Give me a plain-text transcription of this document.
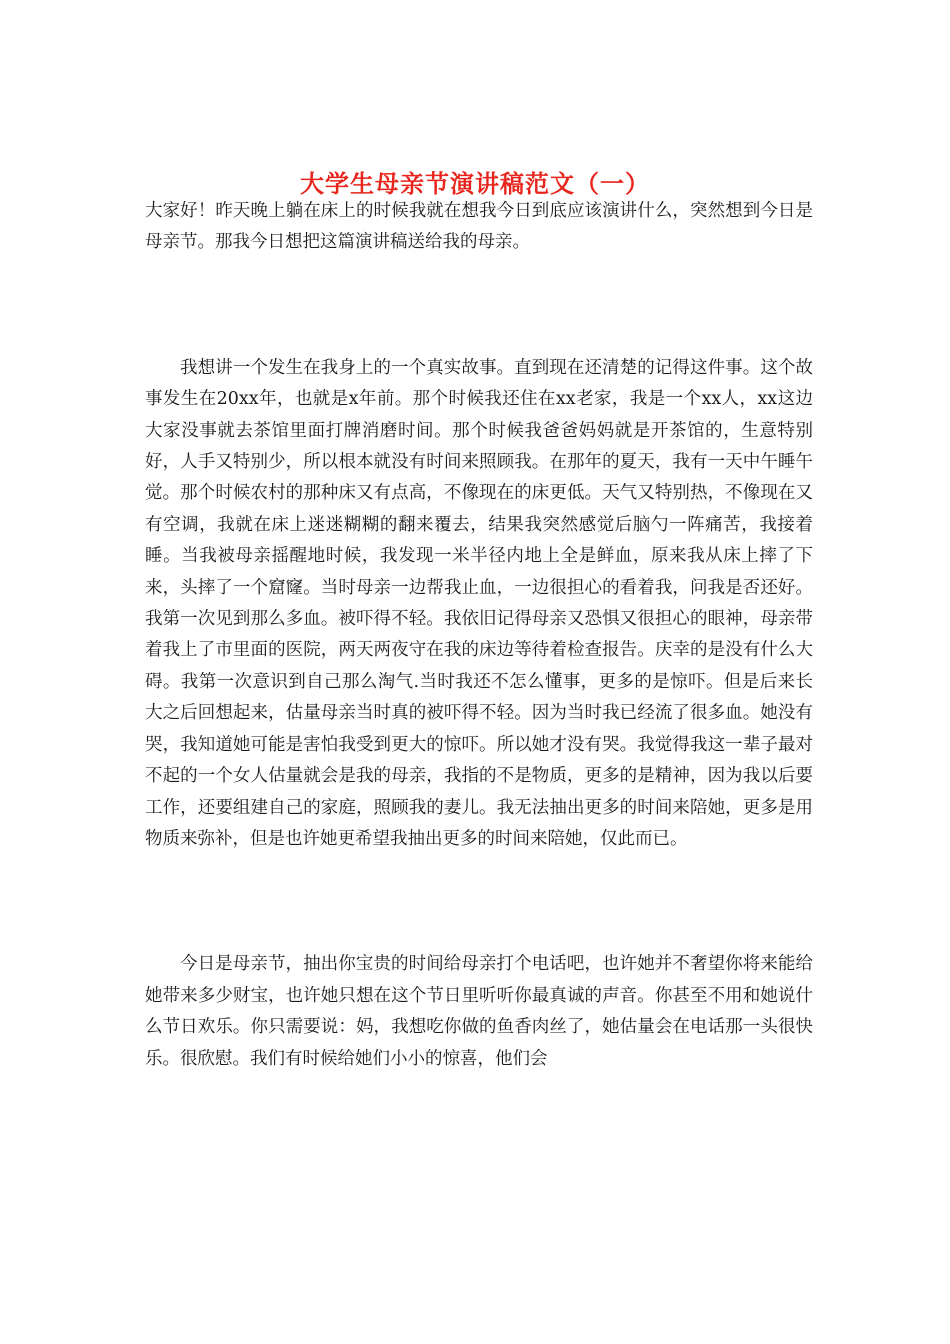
大学生母亲节演讲稿范文（一）

大家好！昨天晚上躺在床上的时候我就在想我今日到底应该演讲什么，突然想到今日是母亲节。那我今日想把这篇演讲稿送给我的母亲。

我想讲一个发生在我身上的一个真实故事。直到现在还清楚的记得这件事。这个故事发生在20xx年，也就是x年前。那个时候我还住在xx老家，我是一个xx人，xx这边大家没事就去茶馆里面打牌消磨时间。那个时候我爸爸妈妈就是开茶馆的，生意特别好，人手又特别少，所以根本就没有时间来照顾我。在那年的夏天，我有一天中午睡午觉。那个时候农村的那种床又有点高，不像现在的床更低。天气又特别热，不像现在又有空调，我就在床上迷迷糊糊的翻来覆去，结果我突然感觉后脑勺一阵痛苦，我接着睡。当我被母亲摇醒地时候，我发现一米半径内地上全是鲜血，原来我从床上摔了下来，头摔了一个窟窿。当时母亲一边帮我止血，一边很担心的看着我，问我是否还好。我第一次见到那么多血。被吓得不轻。我依旧记得母亲又恐惧又很担心的眼神，母亲带着我上了市里面的医院，两天两夜守在我的床边等待着检查报告。庆幸的是没有什么大碍。我第一次意识到自己那么淘气.当时我还不怎么懂事，更多的是惊吓。但是后来长大之后回想起来，估量母亲当时真的被吓得不轻。因为当时我已经流了很多血。她没有哭，我知道她可能是害怕我受到更大的惊吓。所以她才没有哭。我觉得我这一辈子最对不起的一个女人估量就会是我的母亲，我指的不是物质，更多的是精神，因为我以后要工作，还要组建自己的家庭，照顾我的妻儿。我无法抽出更多的时间来陪她，更多是用物质来弥补，但是也许她更希望我抽出更多的时间来陪她，仅此而已。

今日是母亲节，抽出你宝贵的时间给母亲打个电话吧，也许她并不奢望你将来能给她带来多少财宝，也许她只想在这个节日里听听你最真诚的声音。你甚至不用和她说什么节日欢乐。你只需要说：妈，我想吃你做的鱼香肉丝了，她估量会在电话那一头很快乐。很欣慰。我们有时候给她们小小的惊喜，他们会
